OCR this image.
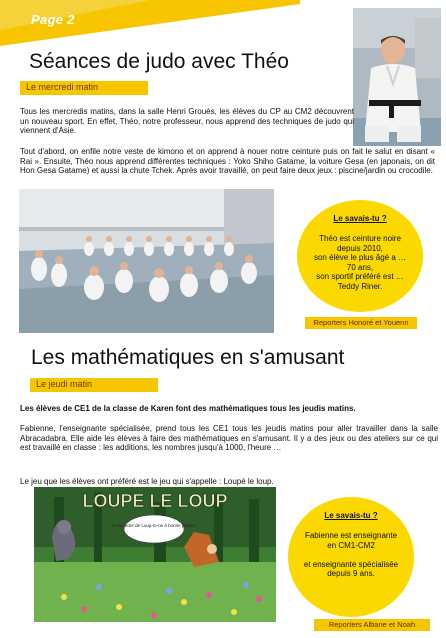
Page 2
Séances de judo avec Théo
Le mercredi matin
Tous les mercredis matins, dans la salle Henri Grouès, les élèves du CP au CM2 découvrent un nouveau sport. En effet, Théo, notre professeur, nous apprend des techniques de judo qui viennent d'Asie.
Tout d'abord, on enfile notre veste de kimono et on apprend à nouer notre ceinture puis on fait le salut en disant « Rai ». Ensuite, Théo nous apprend différentes techniques : Yoko Shiho Gatame, la voiture Gesa (en japonais, on dit Hon Gesa Gatame) et aussi la chute Tchek. Après avoir travaillé, on peut faire deux jeux : piscine/jardin ou crocodile.
Le savais-tu ?
Théo est ceinture noire
depuis 2010,
son élève le plus âgé a …
70 ans,
son sportif préféré est …
Teddy Riner.
Reporters Honoré et Youenn
Les mathématiques en s'amusant
Le jeudi matin
Les élèves de CE1 de la classe de Karen font des mathématiques tous les jeudis matins.
Fabienne, l'enseignante spécialisée, prend tous les CE1 tous les jeudis matins pour aller travailler dans la salle Abracadabra. Elle aide les élèves à faire des mathématiques en s'amusant. Il y a des jeux ou des ateliers sur ce qui est travaillé en classe : les additions, les nombres jusqu'à 1000, l'heure …
Le jeu que les élèves ont préféré est le jeu qui s'appelle : Loupé le loup.
Croix lettre de Loup-to-ne à bonne portée!
LOUPE LE LOUP
Le savais-tu ?
Fabienne est enseignante
en CM1-CM2
et enseignante spécialisée
depuis 9 ans.
Reporters Albane et Noah
